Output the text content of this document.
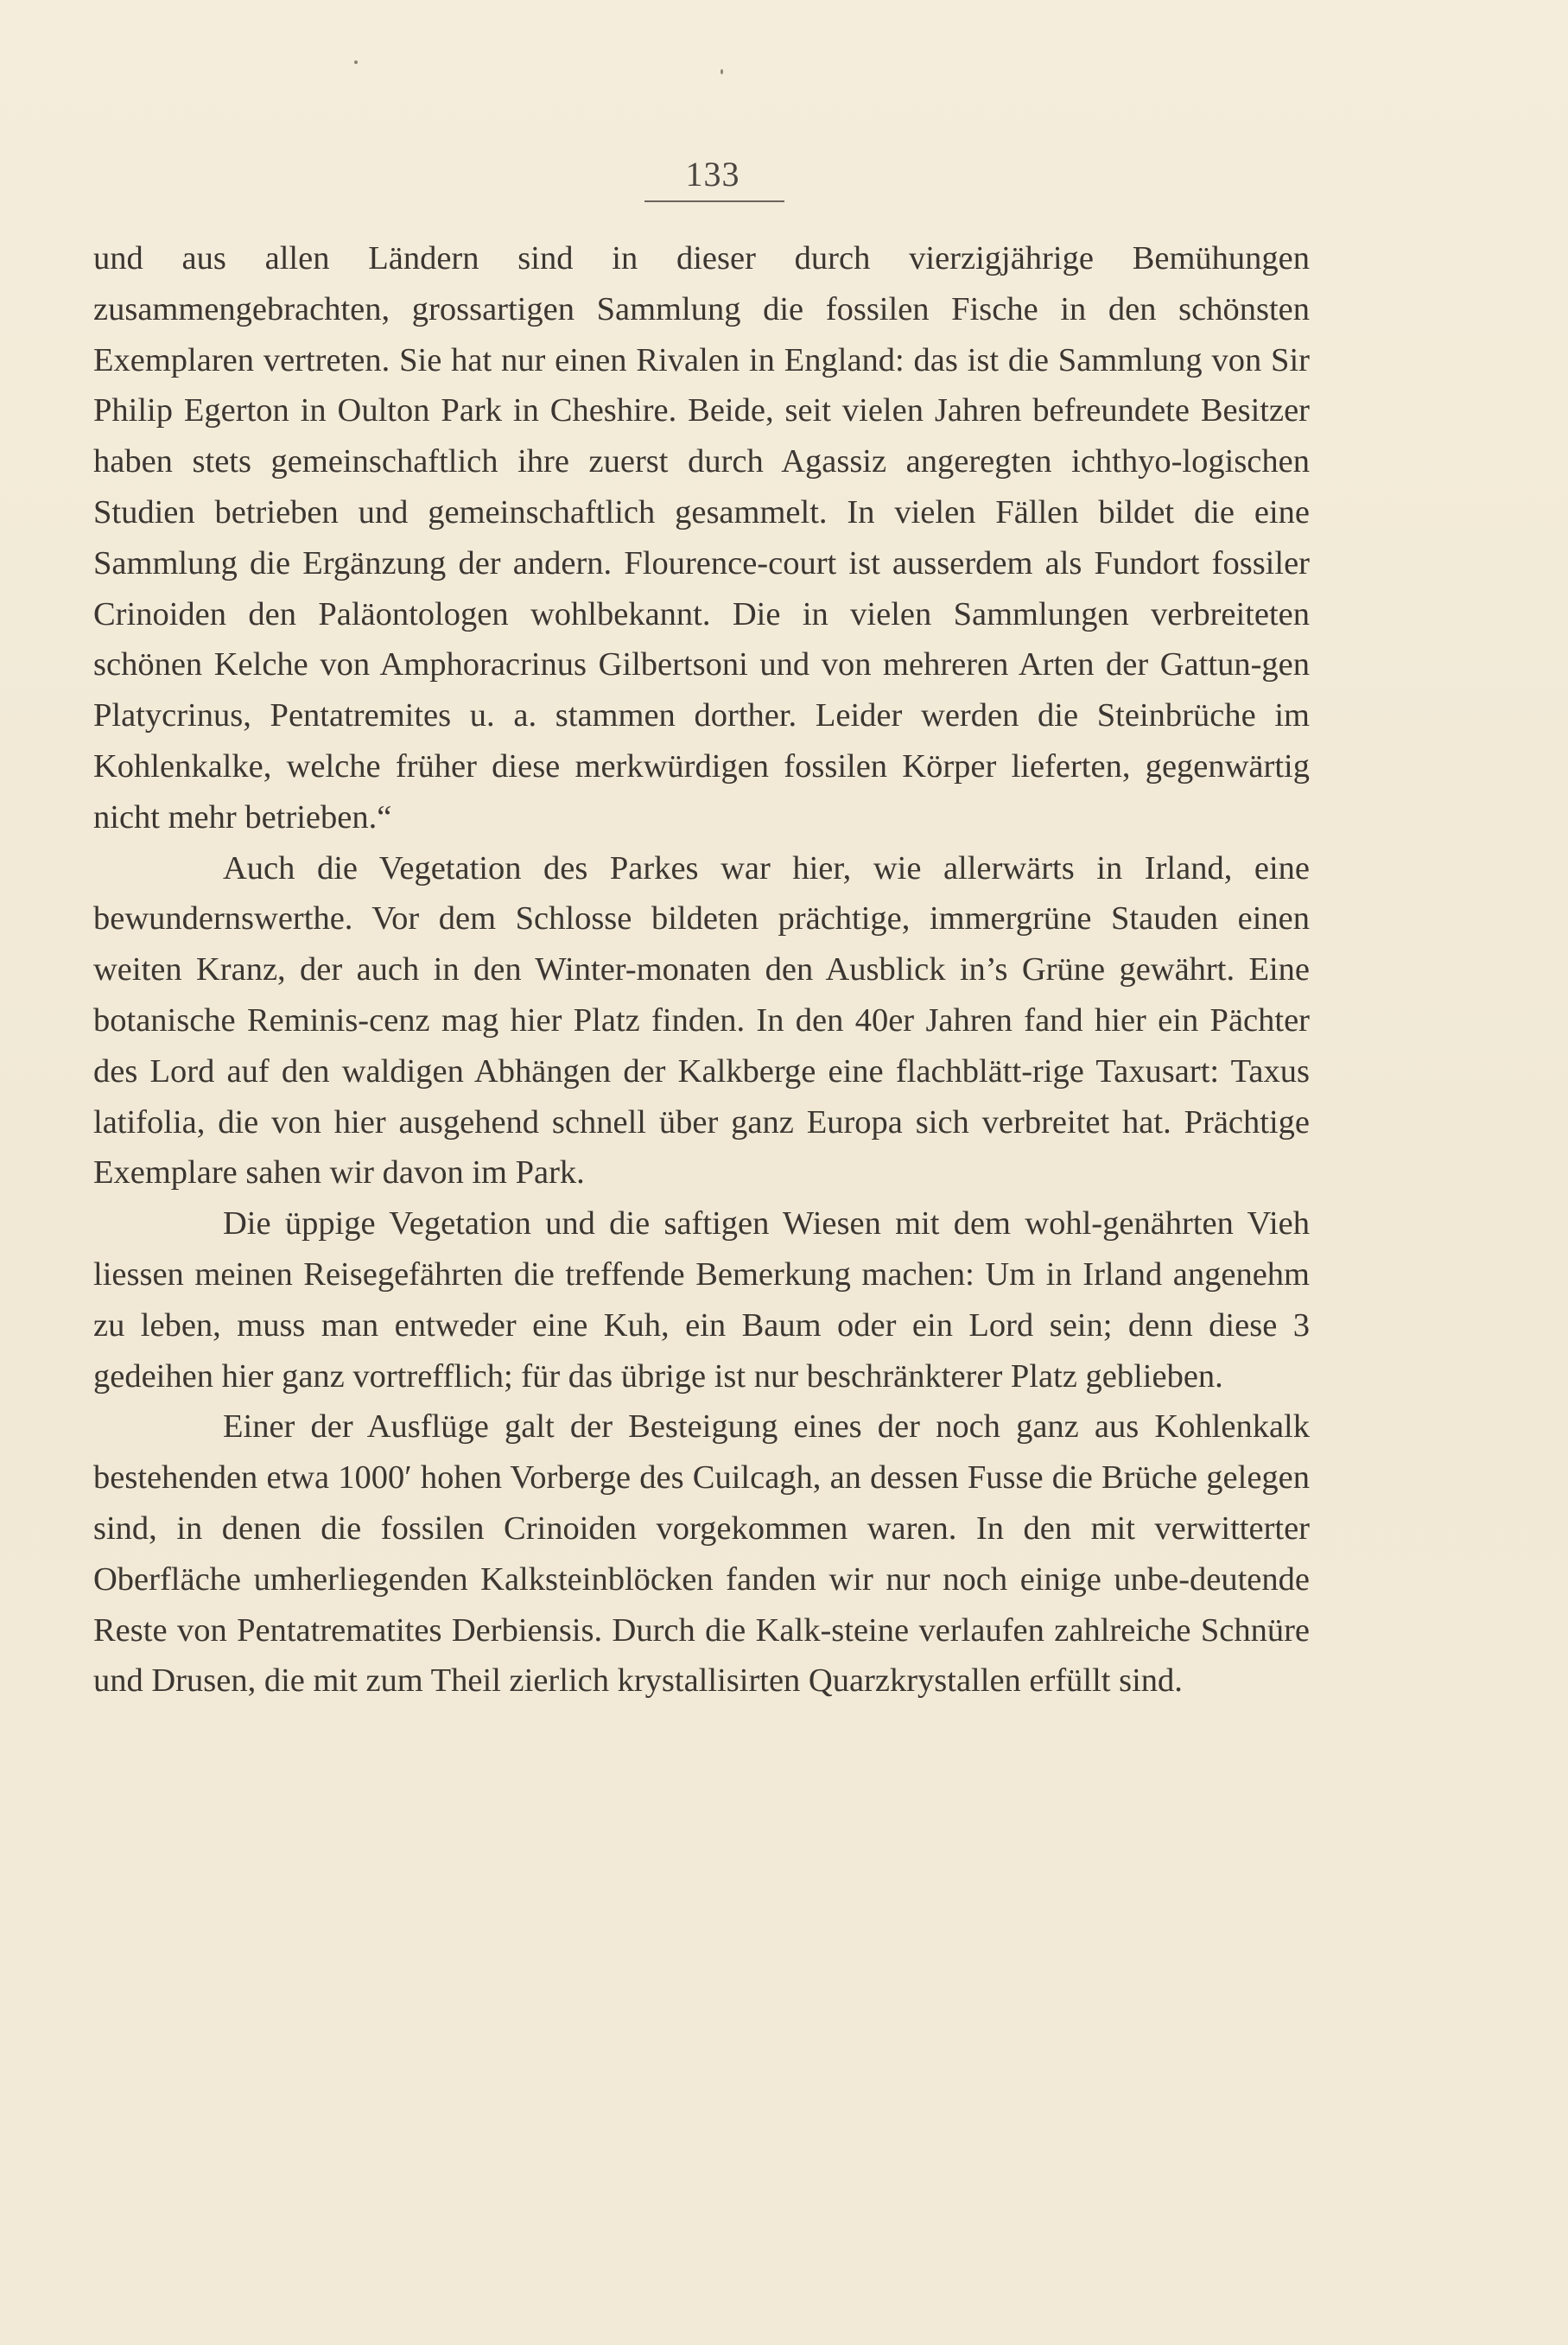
133

und aus allen Ländern sind in dieser durch vierzigjährige Bemühungen zusammengebrachten, grossartigen Sammlung die fossilen Fische in den schönsten Exemplaren vertreten. Sie hat nur einen Rivalen in England: das ist die Sammlung von Sir Philip Egerton in Oulton Park in Cheshire. Beide, seit vielen Jahren befreundete Besitzer haben stets gemeinschaftlich ihre zuerst durch Agassiz angeregten ichthyo-logischen Studien betrieben und gemeinschaftlich gesammelt. In vielen Fällen bildet die eine Sammlung die Ergänzung der andern. Flourence-court ist ausserdem als Fundort fossiler Crinoiden den Paläontologen wohlbekannt. Die in vielen Sammlungen verbreiteten schönen Kelche von Amphoracrinus Gilbertsoni und von mehreren Arten der Gattun-gen Platycrinus, Pentatremites u. a. stammen dorther. Leider werden die Steinbrüche im Kohlenkalke, welche früher diese merkwürdigen fossilen Körper lieferten, gegenwärtig nicht mehr betrieben.“

Auch die Vegetation des Parkes war hier, wie allerwärts in Irland, eine bewundernswerthe. Vor dem Schlosse bildeten prächtige, immergrüne Stauden einen weiten Kranz, der auch in den Winter-monaten den Ausblick in’s Grüne gewährt. Eine botanische Reminis-cenz mag hier Platz finden. In den 40er Jahren fand hier ein Pächter des Lord auf den waldigen Abhängen der Kalkberge eine flachblätt-rige Taxusart: Taxus latifolia, die von hier ausgehend schnell über ganz Europa sich verbreitet hat. Prächtige Exemplare sahen wir davon im Park.

Die üppige Vegetation und die saftigen Wiesen mit dem wohl-genährten Vieh liessen meinen Reisegefährten die treffende Bemerkung machen: Um in Irland angenehm zu leben, muss man entweder eine Kuh, ein Baum oder ein Lord sein; denn diese 3 gedeihen hier ganz vortrefflich; für das übrige ist nur beschränkterer Platz geblieben.

Einer der Ausflüge galt der Besteigung eines der noch ganz aus Kohlenkalk bestehenden etwa 1000′ hohen Vorberge des Cuilcagh, an dessen Fusse die Brüche gelegen sind, in denen die fossilen Crinoiden vorgekommen waren. In den mit verwitterter Oberfläche umherliegenden Kalksteinblöcken fanden wir nur noch einige unbe-deutende Reste von Pentatrematites Derbiensis. Durch die Kalk-steine verlaufen zahlreiche Schnüre und Drusen, die mit zum Theil zierlich krystallisirten Quarzkrystallen erfüllt sind.
